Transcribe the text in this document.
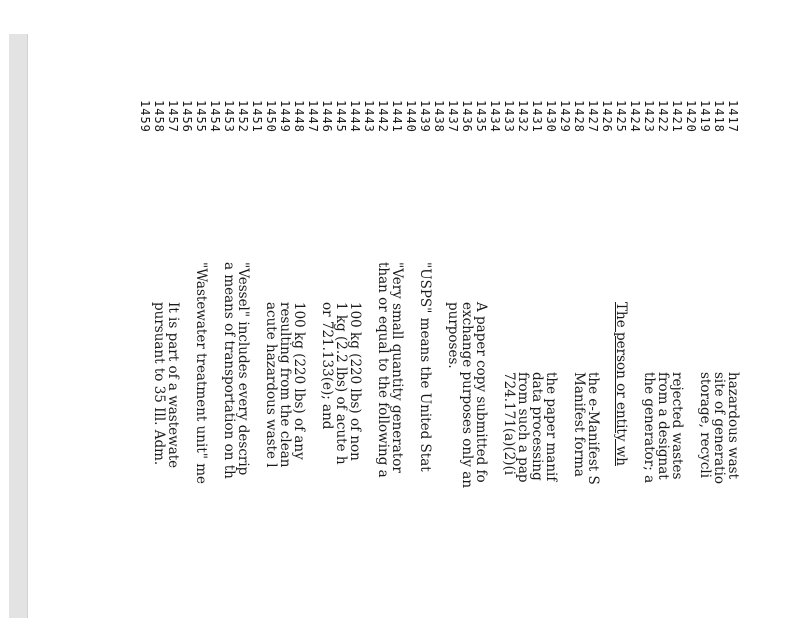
1417
hazardous wast
1418
site of generatio
1419
storage, recycli
1420
1421
rejected wastes
1422
from a designat
1423
the generator; a
1424
1425
The person or entity wh
1426
1427
the e-Manifest S
1428
Manifest forma
1429
1430
the paper manif
1431
data processing
1432
from such a pap
1433
724.171(a)(2)(i
1434
1435
A paper copy submitted fo
1436
exchange purposes only an
1437
purposes.
1438
1439
"USPS" means the United Stat
1440
1441
"Very small quantity generator
1442
than or equal to the following a
1443
1444
100 kg (220 lbs) of non
1445
1 kg (2.2 lbs) of acute h
1446
or 721.133(e); and
1447
1448
100 kg (220 lbs) of any
1449
resulting from the clean
1450
acute hazardous waste l
1451
1452
"Vessel" includes every descrip
1453
a means of transportation on th
1454
1455
"Wastewater treatment unit" me
1456
1457
It is part of a wastewate
1458
pursuant to 35 Ill. Adm.
1459
